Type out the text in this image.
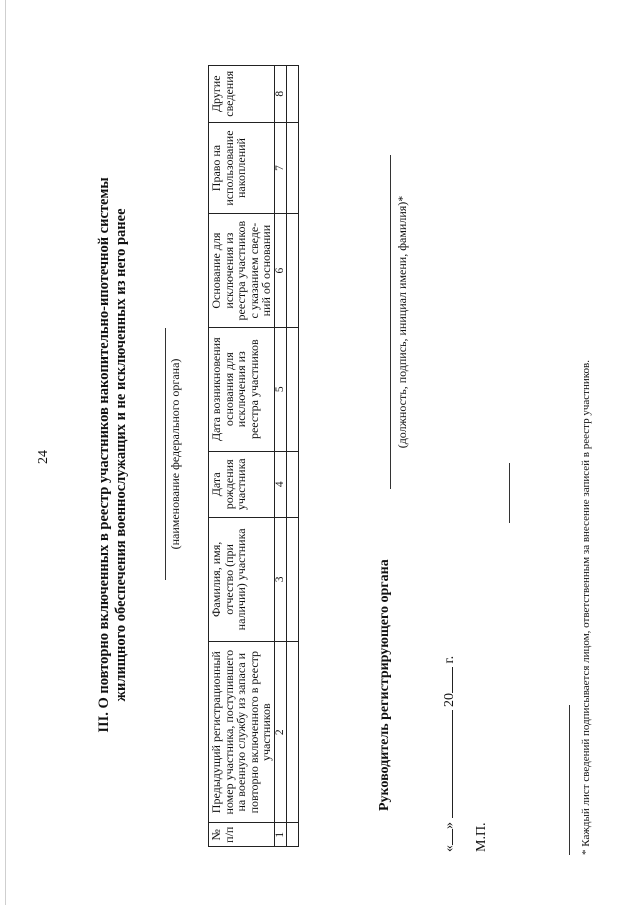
24	III. О повторно включенных в реестр участников накопительно-ипотечной системы жилищного обеспечения военнослужащих и не исключенных из него ранее	(наименование федерального органа)
№ п/п	Предыдущий регистрационный номер участника, поступившего на военную службу из запаса и повторно включенного в реестр участников	Фамилия, имя, отчество (при наличии) участника	Дата рождения участника	Дата возникновения основания для исключения из реестра участников	Основание для исключения из реестра участников с указанием сведе-ний об основании	Право на использование накоплений	Другие сведения
1	2	3	4	5	6	7	8

Руководитель регистрирующего органа
(должность, подпись, инициал имени, фамилия)*
«»  20 г.
М.П.	* Каждый лист сведений подписывается лицом, ответственным за внесение записей в реестр участников.
